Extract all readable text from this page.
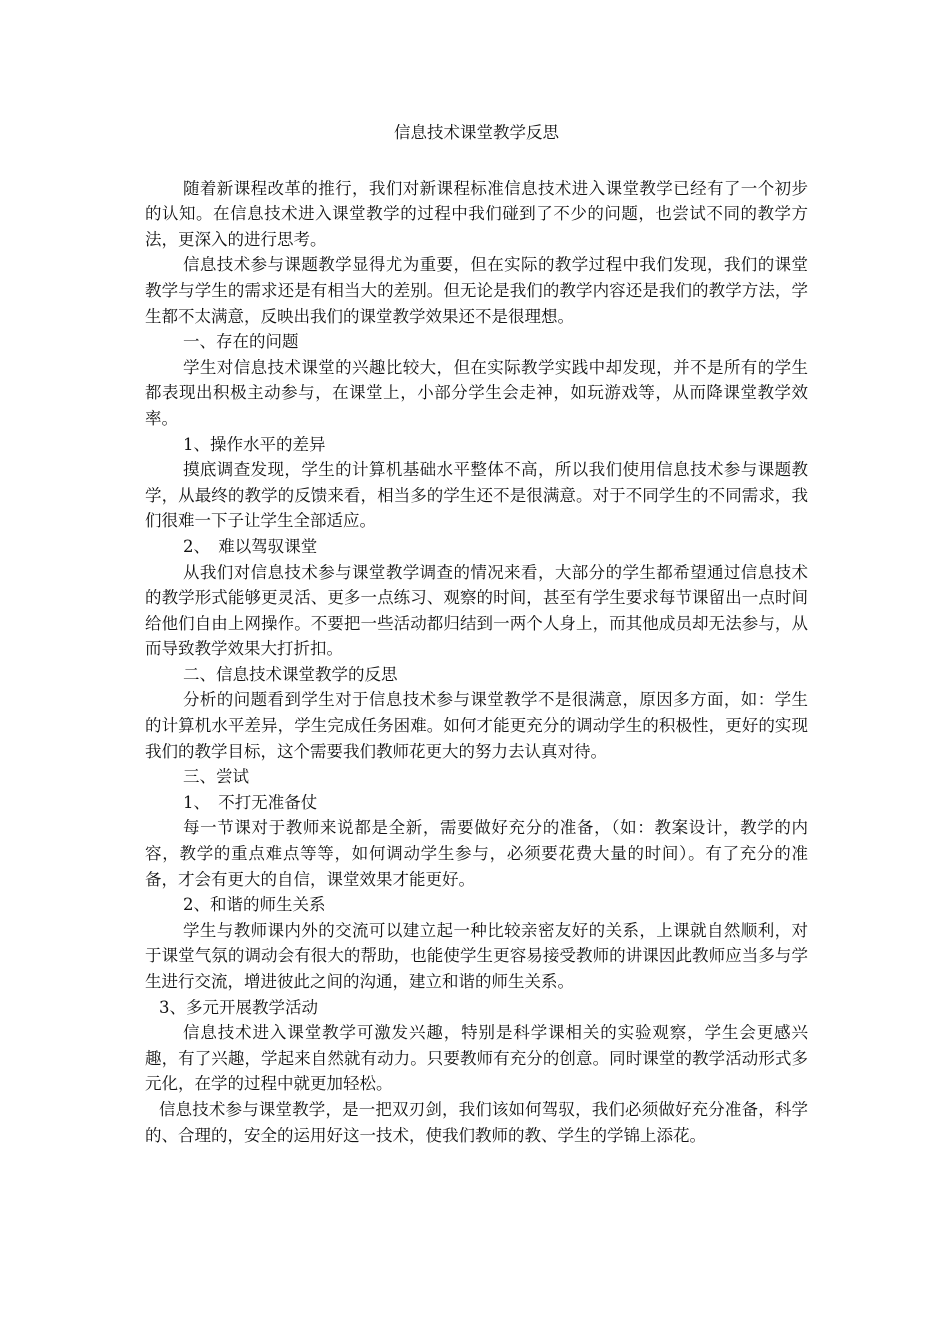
信息技术课堂教学反思

随着新课程改革的推行，我们对新课程标准信息技术进入课堂教学已经有了一个初步的认知。在信息技术进入课堂教学的过程中我们碰到了不少的问题，也尝试不同的教学方法，更深入的进行思考。

信息技术参与课题教学显得尤为重要，但在实际的教学过程中我们发现，我们的课堂教学与学生的需求还是有相当大的差别。但无论是我们的教学内容还是我们的教学方法，学生都不太满意，反映出我们的课堂教学效果还不是很理想。

一、存在的问题

学生对信息技术课堂的兴趣比较大，但在实际教学实践中却发现，并不是所有的学生都表现出积极主动参与，在课堂上，小部分学生会走神，如玩游戏等，从而降课堂教学效率。

1、操作水平的差异

摸底调查发现，学生的计算机基础水平整体不高，所以我们使用信息技术参与课题教学，从最终的教学的反馈来看，相当多的学生还不是很满意。对于不同学生的不同需求，我们很难一下子让学生全部适应。

2、　难以驾驭课堂

从我们对信息技术参与课堂教学调查的情况来看，大部分的学生都希望通过信息技术的教学形式能够更灵活、更多一点练习、观察的时间，甚至有学生要求每节课留出一点时间给他们自由上网操作。不要把一些活动都归结到一两个人身上，而其他成员却无法参与，从而导致教学效果大打折扣。

二、信息技术课堂教学的反思

分析的问题看到学生对于信息技术参与课堂教学不是很满意，原因多方面，如：学生的计算机水平差异，学生完成任务困难。如何才能更充分的调动学生的积极性，更好的实现我们的教学目标，这个需要我们教师花更大的努力去认真对待。

三、尝试

1、　不打无准备仗

每一节课对于教师来说都是全新，需要做好充分的准备，（如：教案设计，教学的内容，教学的重点难点等等，如何调动学生参与，必须要花费大量的时间）。有了充分的准备，才会有更大的自信，课堂效果才能更好。

2、和谐的师生关系

学生与教师课内外的交流可以建立起一种比较亲密友好的关系，上课就自然顺利，对于课堂气氛的调动会有很大的帮助，也能使学生更容易接受教师的讲课因此教师应当多与学生进行交流，增进彼此之间的沟通，建立和谐的师生关系。

3、多元开展教学活动

信息技术进入课堂教学可激发兴趣，特别是科学课相关的实验观察，学生会更感兴趣，有了兴趣，学起来自然就有动力。只要教师有充分的创意。同时课堂的教学活动形式多元化，在学的过程中就更加轻松。

信息技术参与课堂教学，是一把双刃剑，我们该如何驾驭，我们必须做好充分准备，科学的、合理的，安全的运用好这一技术，使我们教师的教、学生的学锦上添花。
